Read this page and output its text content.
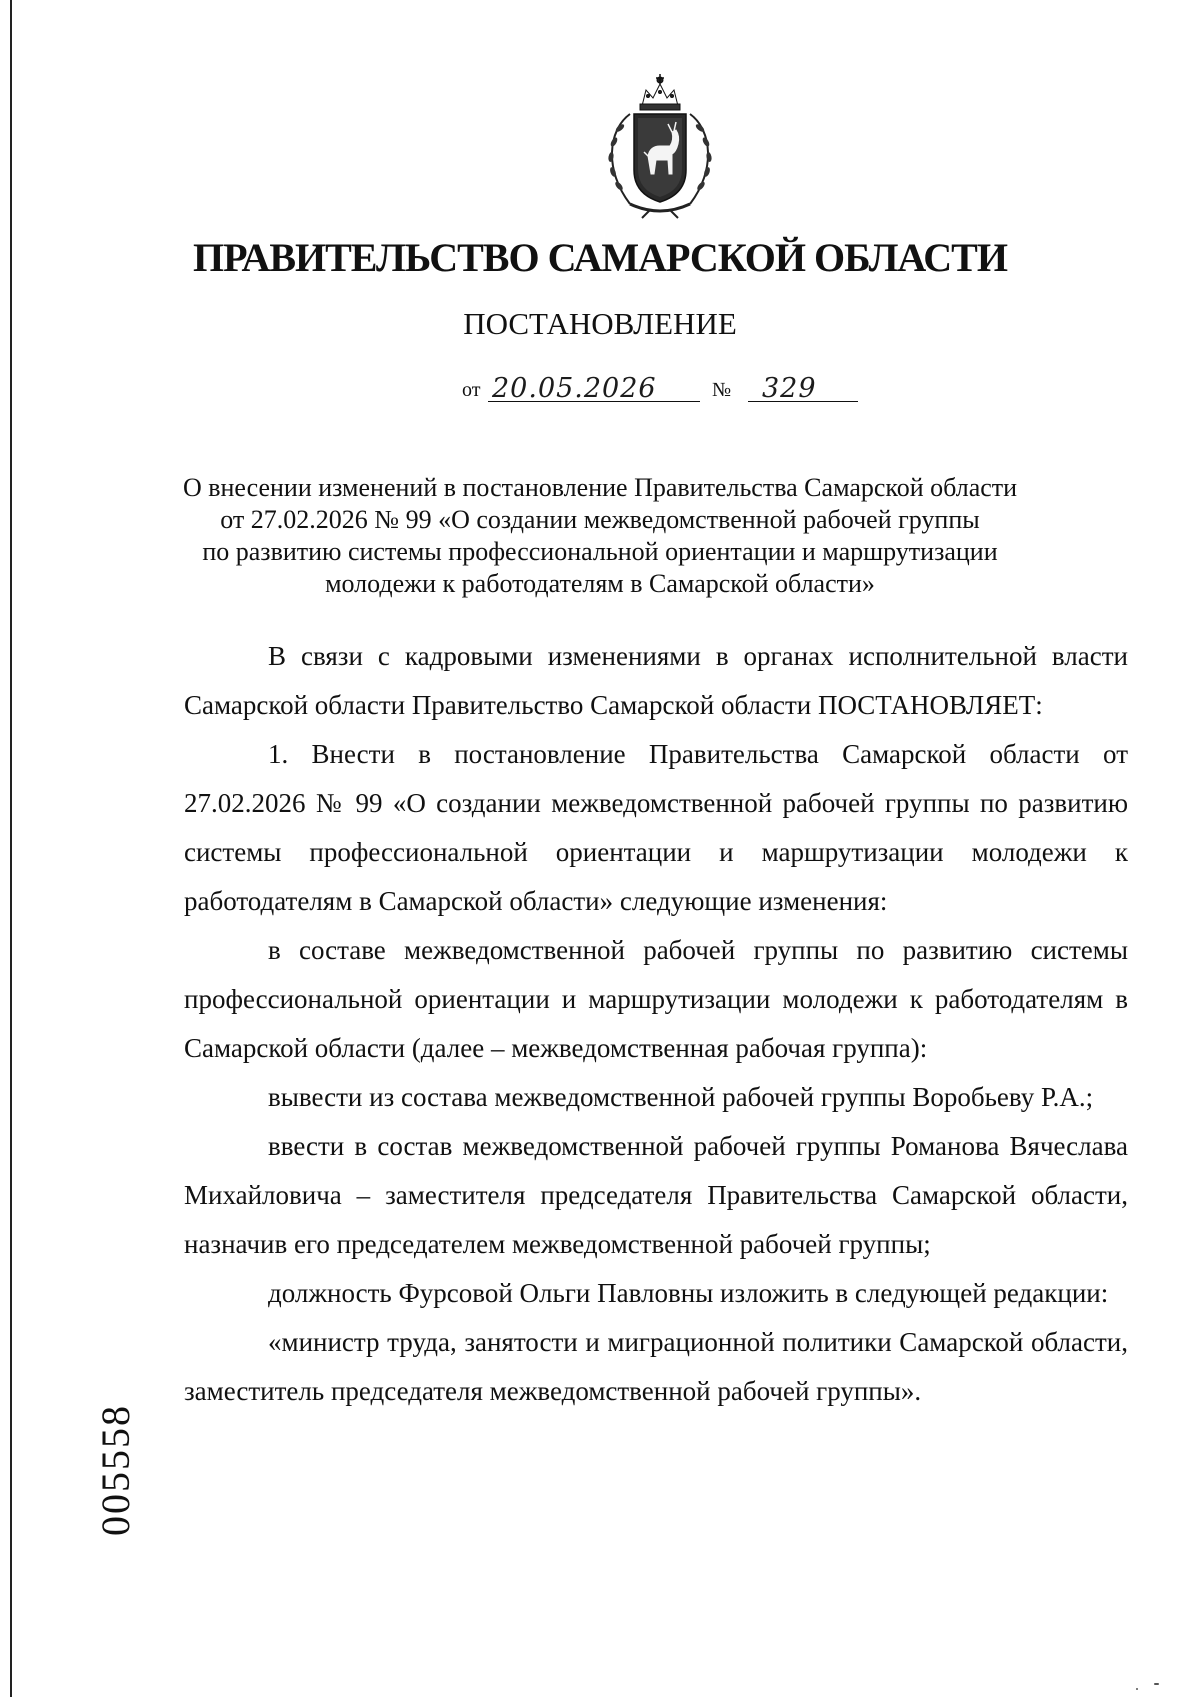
ПРАВИТЕЛЬСТВО САМАРСКОЙ ОБЛАСТИ
ПОСТАНОВЛЕНИЕ
от 20.05.2026	№ 329
О внесении изменений в постановление Правительства Самарской области
от 27.02.2026 № 99 «О создании межведомственной рабочей группы
по развитию системы профессиональной ориентации и маршрутизации
молодежи к работодателям в Самарской области»

В связи с кадровыми изменениями в органах исполнительной власти Самарской области Правительство Самарской области ПОСТАНОВЛЯЕТ:

1. Внести в постановление Правительства Самарской области от 27.02.2026 № 99 «О создании межведомственной рабочей группы по развитию системы профессиональной ориентации и маршрутизации молодежи к работодателям в Самарской области» следующие изменения:

в составе межведомственной рабочей группы по развитию системы профессиональной ориентации и маршрутизации молодежи к работодателям в Самарской области (далее – межведомственная рабочая группа):

вывести из состава межведомственной рабочей группы Воробьеву Р.А.;

ввести в состав межведомственной рабочей группы Романова Вячеслава Михайловича – заместителя председателя Правительства Самарской области, назначив его председателем межведомственной рабочей группы;

должность Фурсовой Ольги Павловны изложить в следующей редакции:

«министр труда, занятости и миграционной политики Самарской области, заместитель председателя межведомственной рабочей группы».

005558
